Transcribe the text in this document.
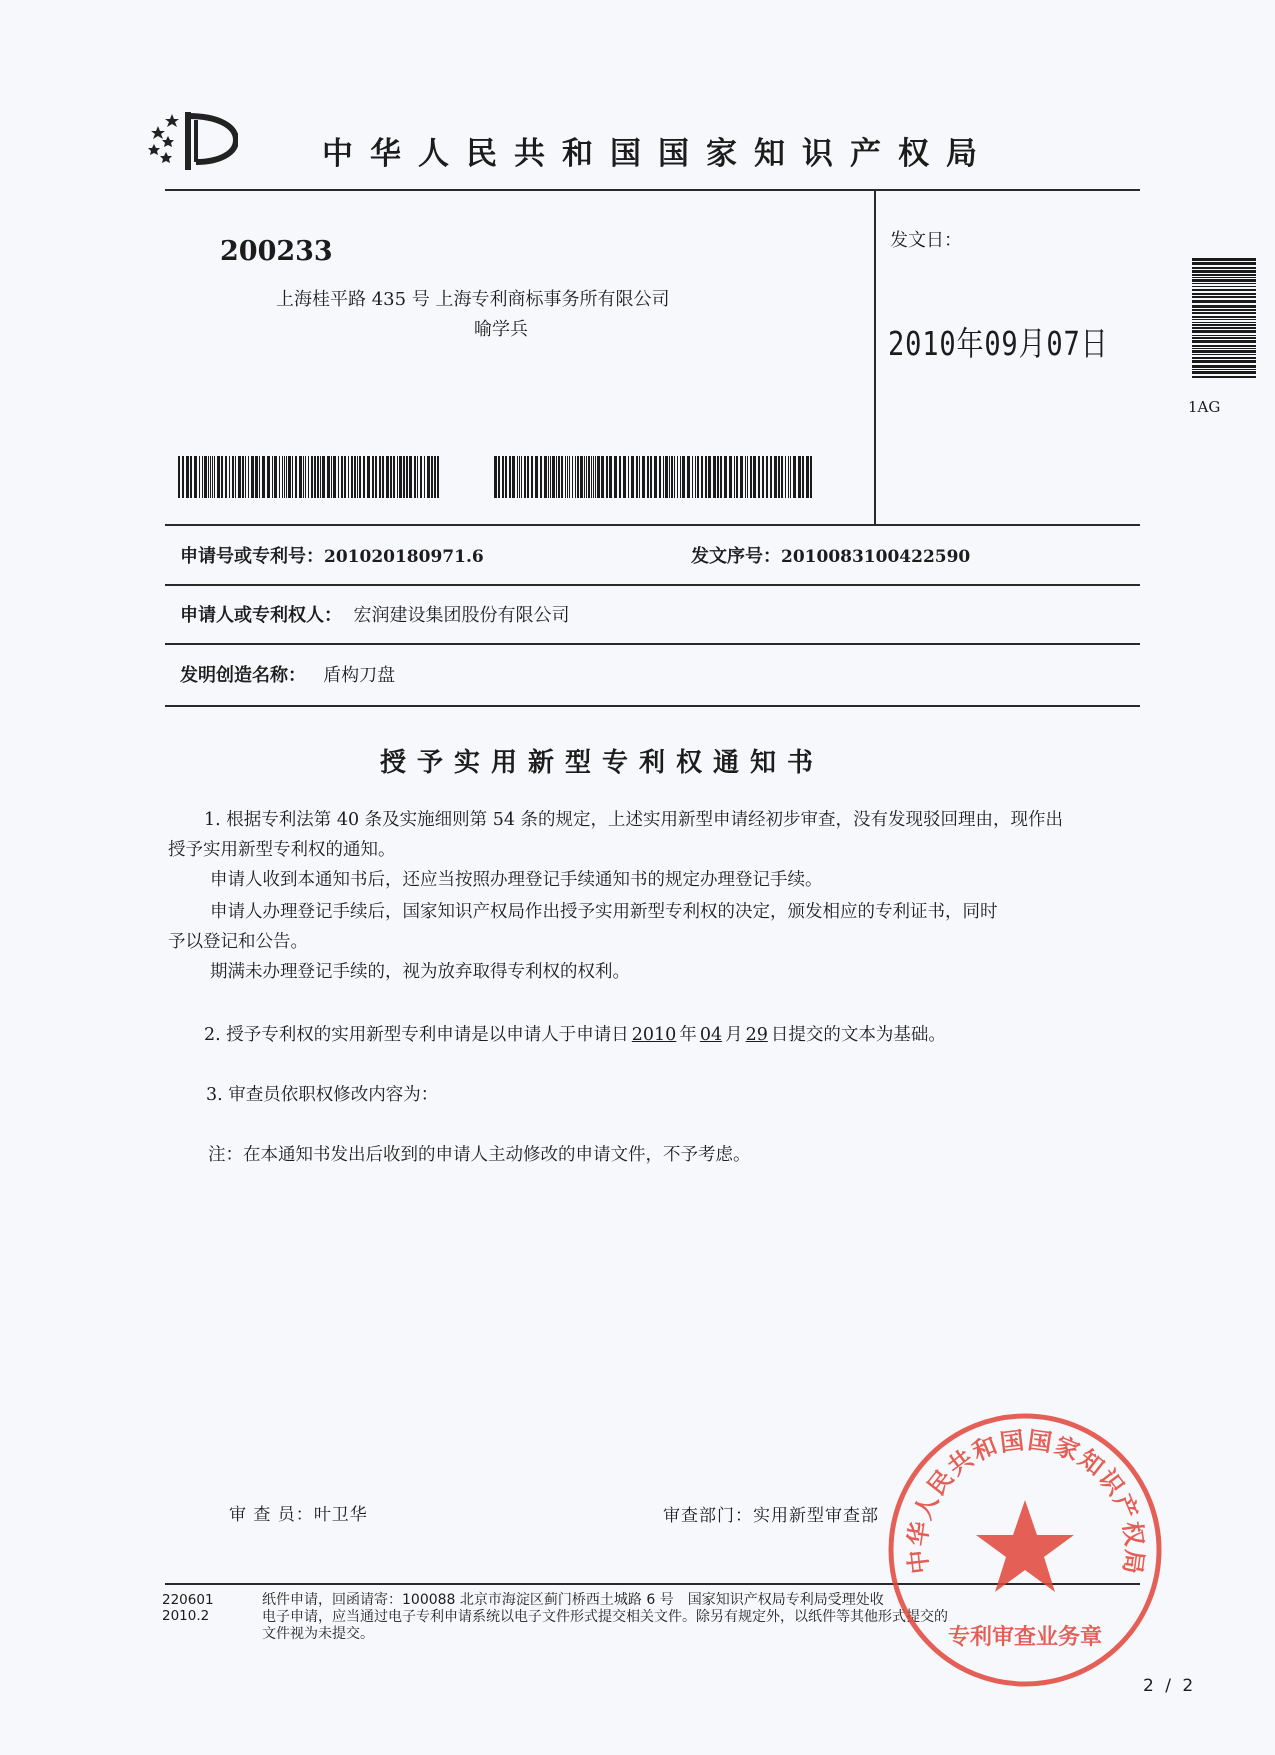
中华人民共和国国家知识产权局
200233
上海桂平路 435 号 上海专利商标事务所有限公司
喻学兵
发文日：
2010年09月07日
1AG
申请号或专利号：201020180971.6	发文序号：2010083100422590
申请人或专利权人： 宏润建设集团股份有限公司
发明创造名称： 盾构刀盘
授予实用新型专利权通知书
1. 根据专利法第 40 条及实施细则第 54 条的规定，上述实用新型申请经初步审查，没有发现驳回理由，现作出
授予实用新型专利权的通知。
申请人收到本通知书后，还应当按照办理登记手续通知书的规定办理登记手续。
申请人办理登记手续后，国家知识产权局作出授予实用新型专利权的决定，颁发相应的专利证书，同时
予以登记和公告。
期满未办理登记手续的，视为放弃取得专利权的权利。
2. 授予专利权的实用新型专利申请是以申请人于申请日 2010 年 04 月 29 日提交的文本为基础。
3. 审查员依职权修改内容为：
注：在本通知书发出后收到的申请人主动修改的申请文件，不予考虑。
审 查 员：叶卫华	审查部门：实用新型审查部
220601
2010.2
纸件申请，回函请寄：100088 北京市海淀区蓟门桥西土城路 6 号　国家知识产权局专利局受理处收
电子申请，应当通过电子专利申请系统以电子文件形式提交相关文件。除另有规定外，以纸件等其他形式提交的
文件视为未提交。
2 / 2
中华人民共和国国家知识产权局
专利审查业务章
